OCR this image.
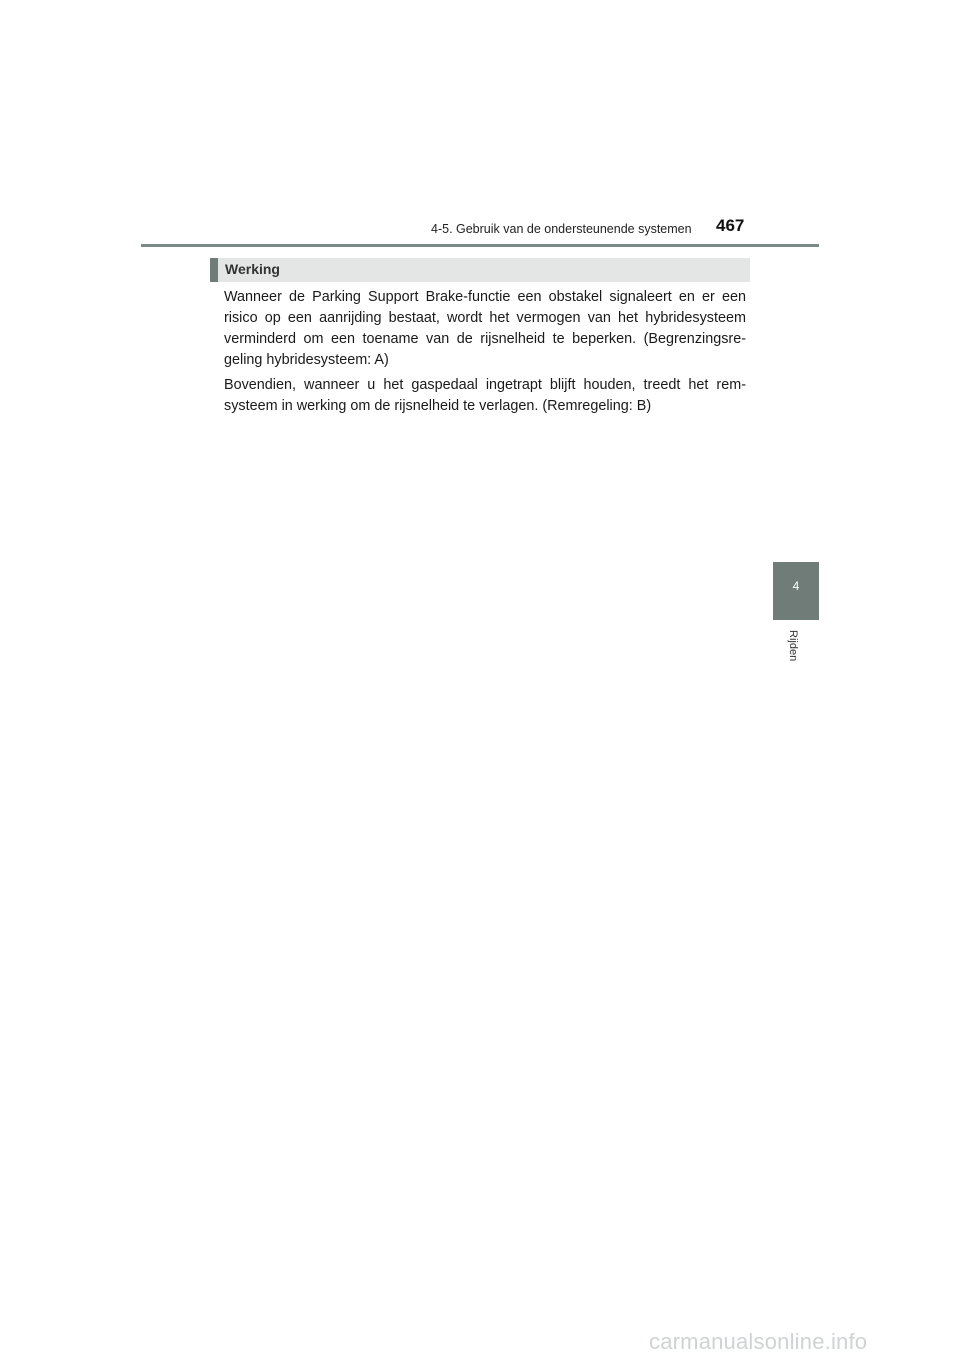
4-5. Gebruik van de ondersteunende systemen 467
Werking

Wanneer de Parking Support Brake-functie een obstakel signaleert en er een risico op een aanrijding bestaat, wordt het vermogen van het hybridesysteem verminderd om een toename van de rijsnelheid te beperken. (Begrenzingsre-geling hybridesysteem: A)

Bovendien, wanneer u het gaspedaal ingetrapt blijft houden, treedt het rem-systeem in werking om de rijsnelheid te verlagen. (Remregeling: B)

4
Rijden
carmanualsonline.info
